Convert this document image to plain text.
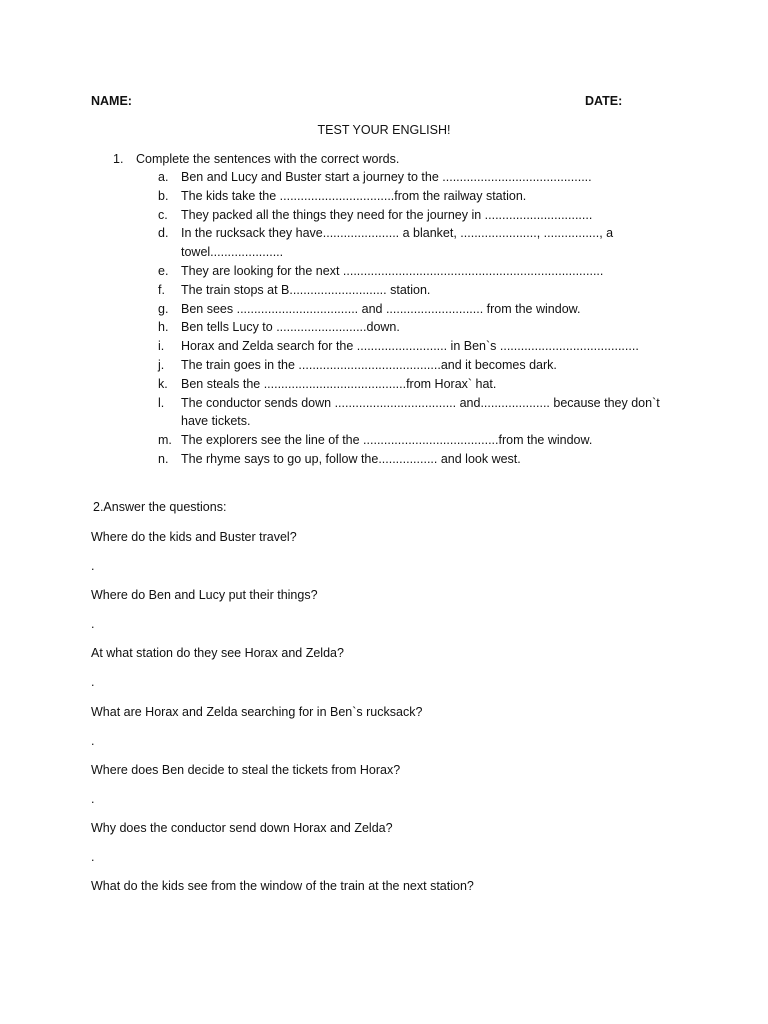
NAME:	DATE:
TEST YOUR ENGLISH!
1.	Complete the sentences with the correct words.
a.	Ben and Lucy and Buster start a journey to the ...........................................
b.	The kids take the .................................from the railway station.
c.	They packed all the things they need for the journey in ...............................
d.	In the rucksack they have...................... a blanket, ......................, ................, a towel.....................
e.	They are looking for the next ...........................................................................
f.	The train stops at B............................ station.
g.	Ben sees ................................... and ............................ from the window.
h.	Ben tells Lucy to ..........................down.
i.	Horax and Zelda search for the .......................... in Ben`s ........................................
j.	The train goes in the .........................................and it becomes dark.
k.	Ben steals the .........................................from Horax` hat.
l.	The conductor sends down ................................... and.................... because they don`t have tickets.
m. The explorers see the line of the .......................................from the window.
n.	The rhyme says to go up, follow the................. and look west.
2.Answer the questions:
Where do the kids and Buster travel?
.
Where do Ben and Lucy put their things?
.
At what station do they see Horax and Zelda?
.
What are Horax and Zelda searching for in Ben`s rucksack?
.
Where does Ben decide to steal the tickets from Horax?
.
Why does the conductor send down Horax and Zelda?
.
What do the kids see from the window of the train at the next station?
